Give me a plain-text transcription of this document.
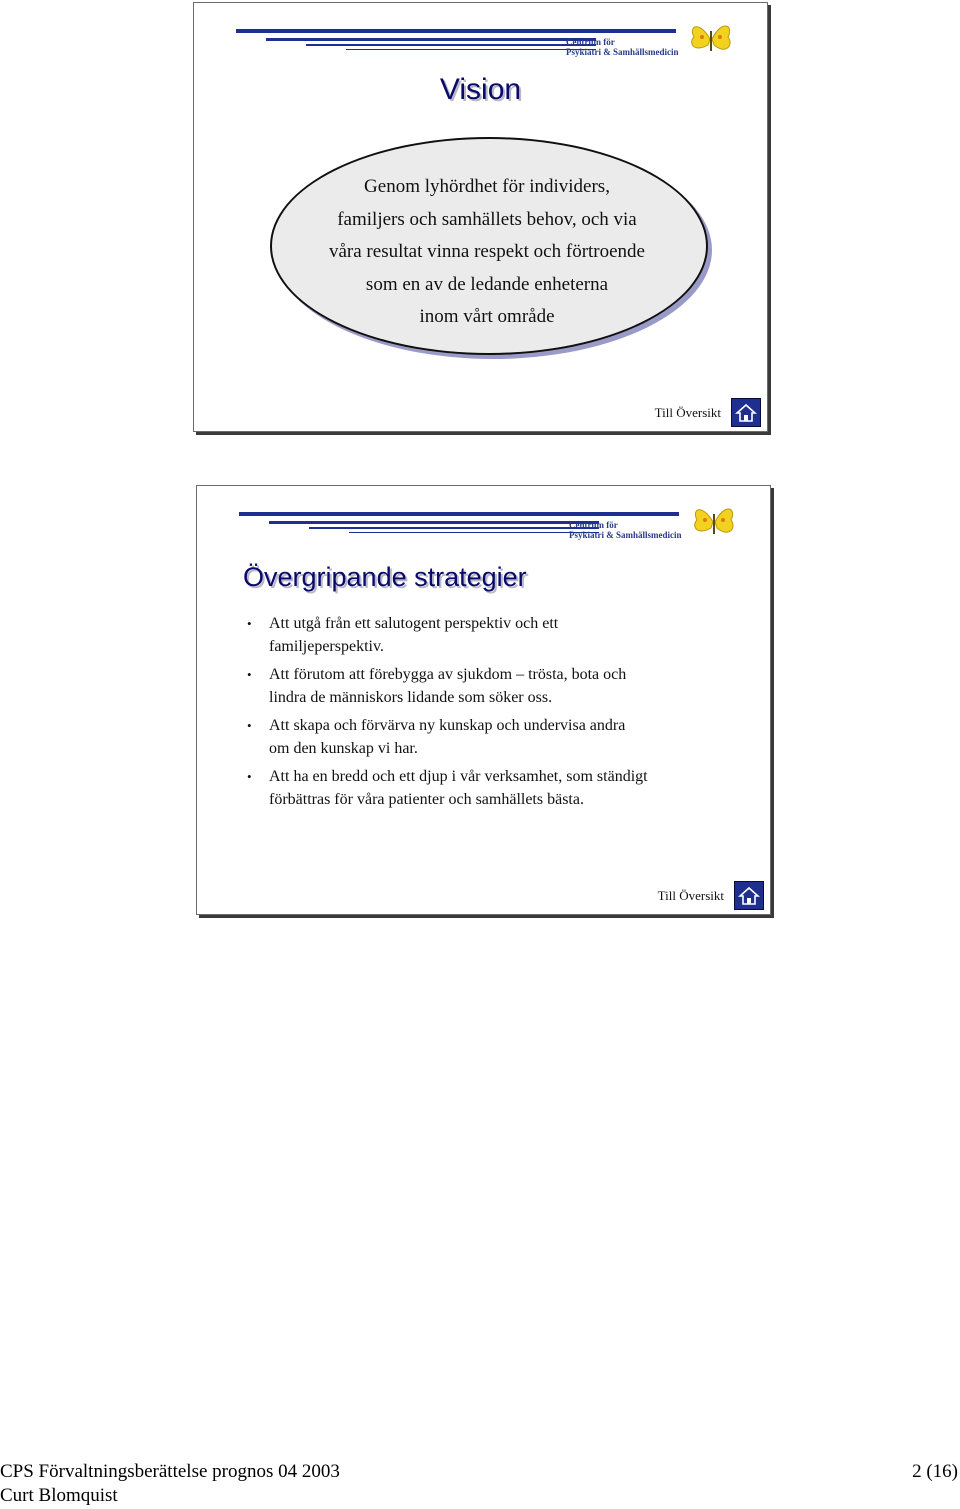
Centrum för
Psykiatri & Samhällsmedicin
Vision
Genom lyhördhet för individers,
familjers och samhällets behov, och via
våra resultat vinna respekt och förtroende
som en av de ledande enheterna
inom vårt område
Till Översikt
Centrum för
Psykiatri & Samhällsmedicin
Övergripande strategier
• Att utgå från ett salutogent perspektiv och ett
familjeperspektiv.
• Att förutom att förebygga av sjukdom – trösta, bota och
lindra de människors lidande som söker oss.
• Att skapa och förvärva ny kunskap och undervisa andra
om den kunskap vi har.
• Att ha en bredd och ett djup i vår verksamhet, som ständigt
förbättras för våra patienter och samhällets bästa.
Till Översikt
CPS Förvaltningsberättelse prognos 04 2003	2 (16)
Curt Blomquist
